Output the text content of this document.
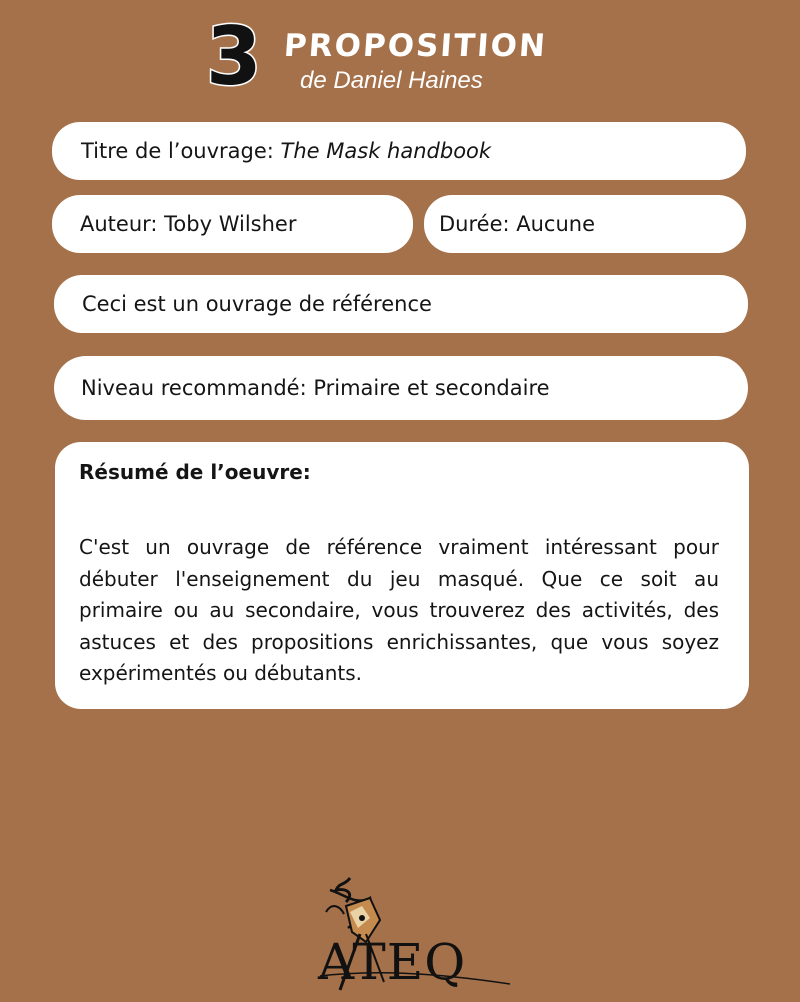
3 PROPOSITION
de Daniel Haines
Titre de l’ouvrage: The Mask handbook
Auteur: Toby Wilsher	Durée: Aucune
Ceci est un ouvrage de référence
Niveau recommandé: Primaire et secondaire
Résumé de l’oeuvre:
C'est un ouvrage de référence vraiment intéressant pour débuter l'enseignement du jeu masqué. Que ce soit au primaire ou au secondaire, vous trouverez des activités, des astuces et des propositions enrichissantes, que vous soyez expérimentés ou débutants.
ATEQ
